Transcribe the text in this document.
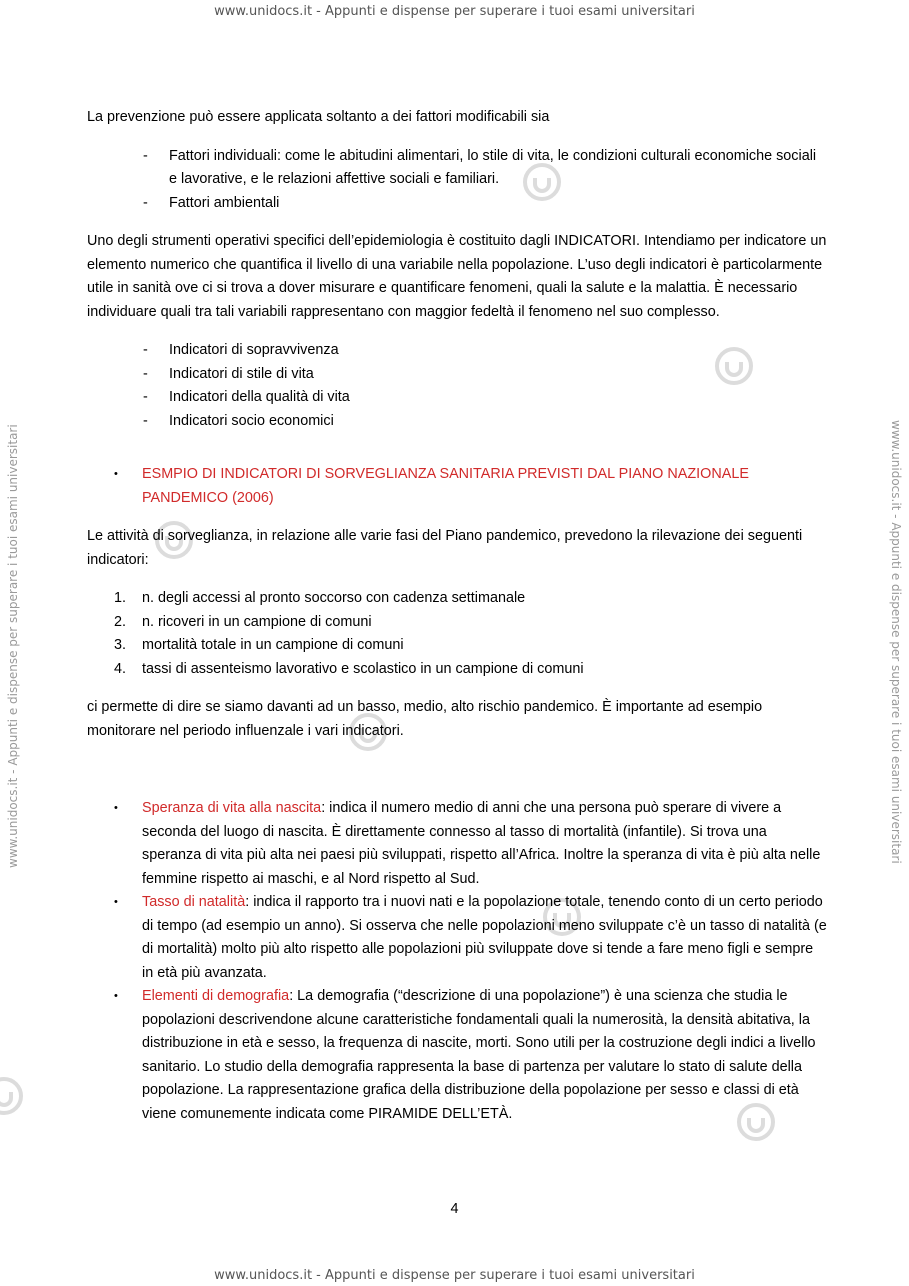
www.unidocs.it - Appunti e dispense per superare i tuoi esami universitari
www.unidocs.it - Appunti e dispense per superare i tuoi esami universitari
www.unidocs.it - Appunti e dispense per superare i tuoi esami universitari	www.unidocs.it - Appunti e dispense per superare i tuoi esami universitari

La prevenzione può essere applicata soltanto a dei fattori modificabili sia

- Fattori individuali: come le abitudini alimentari, lo stile di vita, le condizioni culturali economiche sociali e lavorative, e le relazioni affettive sociali e familiari.
- Fattori ambientali

Uno degli strumenti operativi specifici dell’epidemiologia è costituito dagli INDICATORI. Intendiamo per indicatore un elemento numerico che quantifica il livello di una variabile nella popolazione. L’uso degli indicatori è particolarmente utile in sanità ove ci si trova a dover misurare e quantificare fenomeni, quali la salute e la malattia. È necessario individuare quali tra tali variabili rappresentano con maggior fedeltà il fenomeno nel suo complesso.

- Indicatori di sopravvivenza
- Indicatori di stile di vita
- Indicatori della qualità di vita
- Indicatori socio economici
• ESMPIO DI INDICATORI DI SORVEGLIANZA SANITARIA PREVISTI DAL PIANO NAZIONALE PANDEMICO (2006)

Le attività di sorveglianza, in relazione alle varie fasi del Piano pandemico, prevedono la rilevazione dei seguenti indicatori:

1. n. degli accessi al pronto soccorso con cadenza settimanale
2. n. ricoveri in un campione di comuni
3. mortalità totale in un campione di comuni
4. tassi di assenteismo lavorativo e scolastico in un campione di comuni

ci permette di dire se siamo davanti ad un basso, medio, alto rischio pandemico. È importante ad esempio monitorare nel periodo influenzale i vari indicatori.

• Speranza di vita alla nascita: indica il numero medio di anni che una persona può sperare di vivere a seconda del luogo di nascita. È direttamente connesso al tasso di mortalità (infantile). Si trova una speranza di vita più alta nei paesi più sviluppati, rispetto all’Africa. Inoltre la speranza di vita è più alta nelle femmine rispetto ai maschi, e al Nord rispetto al Sud.
• Tasso di natalità: indica il rapporto tra i nuovi nati e la popolazione totale, tenendo conto di un certo periodo di tempo (ad esempio un anno). Si osserva che nelle popolazioni meno sviluppate c’è un tasso di natalità (e di mortalità) molto più alto rispetto alle popolazioni più sviluppate dove si tende a fare meno figli e sempre in età più avanzata.
• Elementi di demografia: La demografia (“descrizione di una popolazione”) è una scienza che studia le popolazioni descrivendone alcune caratteristiche fondamentali quali la numerosità, la densità abitativa, la distribuzione in età e sesso, la frequenza di nascite, morti. Sono utili per la costruzione degli indici a livello sanitario. Lo studio della demografia rappresenta la base di partenza per valutare lo stato di salute della popolazione. La rappresentazione grafica della distribuzione della popolazione per sesso e classi di età viene comunemente indicata come PIRAMIDE DELL’ETÀ.
4
